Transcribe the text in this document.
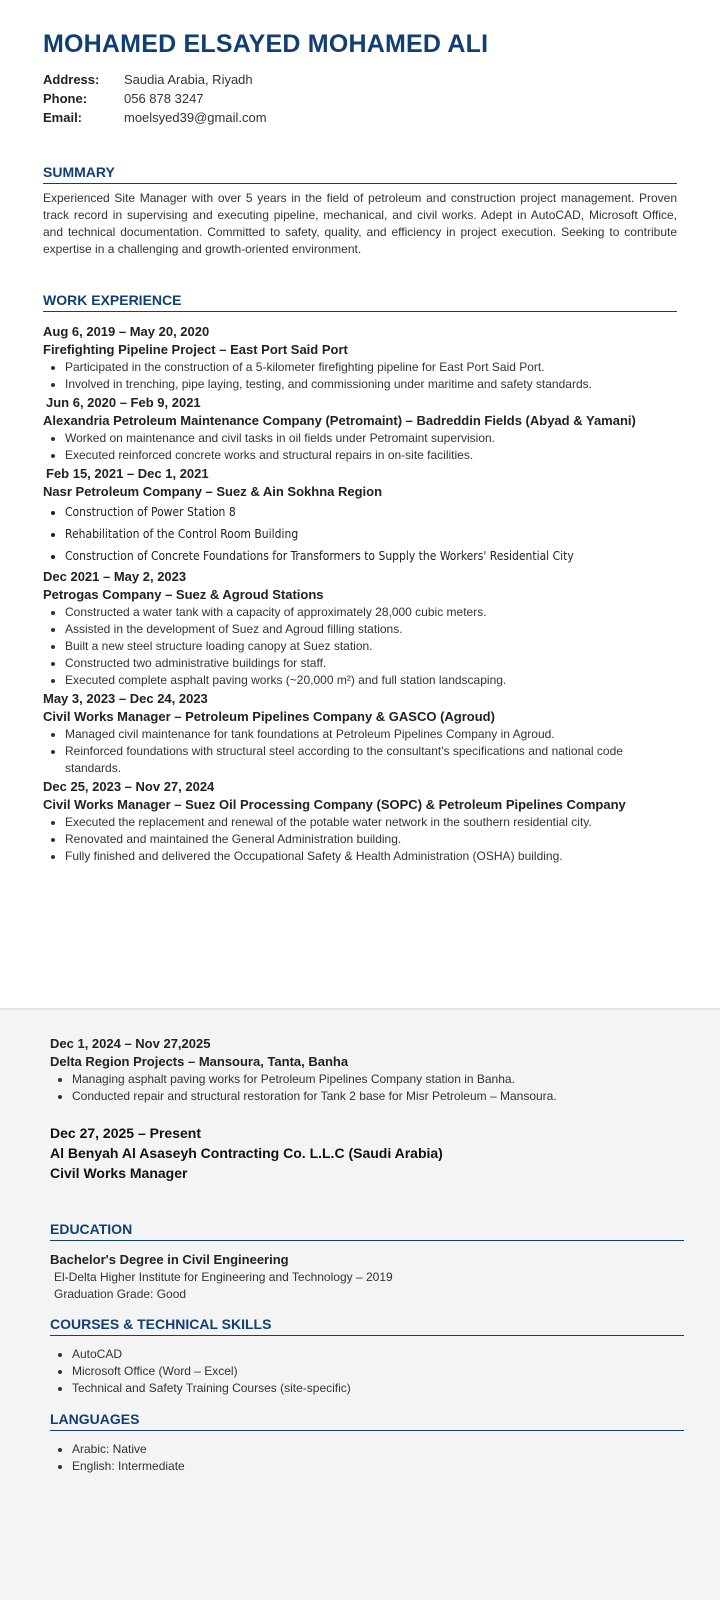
MOHAMED ELSAYED MOHAMED ALI
Address:	Saudia Arabia, Riyadh
Phone:	056 878 3247
Email:	moelsyed39@gmail.com
SUMMARY
Experienced Site Manager with over 5 years in the field of petroleum and construction project management. Proven track record in supervising and executing pipeline, mechanical, and civil works. Adept in AutoCAD, Microsoft Office, and technical documentation. Committed to safety, quality, and efficiency in project execution. Seeking to contribute expertise in a challenging and growth-oriented environment.
WORK EXPERIENCE
Aug 6, 2019 – May 20, 2020
Firefighting Pipeline Project – East Port Said Port
• Participated in the construction of a 5-kilometer firefighting pipeline for East Port Said Port.
• Involved in trenching, pipe laying, testing, and commissioning under maritime and safety standards.
Jun 6, 2020 – Feb 9, 2021
Alexandria Petroleum Maintenance Company (Petromaint) – Badreddin Fields (Abyad & Yamani)
• Worked on maintenance and civil tasks in oil fields under Petromaint supervision.
• Executed reinforced concrete works and structural repairs in on-site facilities.
Feb 15, 2021 – Dec 1, 2021
Nasr Petroleum Company – Suez & Ain Sokhna Region
• Construction of Power Station 8
• Rehabilitation of the Control Room Building
• Construction of Concrete Foundations for Transformers to Supply the Workers' Residential City
Dec 2021 – May 2, 2023
Petrogas Company – Suez & Agroud Stations
• Constructed a water tank with a capacity of approximately 28,000 cubic meters.
• Assisted in the development of Suez and Agroud filling stations.
• Built a new steel structure loading canopy at Suez station.
• Constructed two administrative buildings for staff.
• Executed complete asphalt paving works (~20,000 m²) and full station landscaping.
May 3, 2023 – Dec 24, 2023
Civil Works Manager – Petroleum Pipelines Company & GASCO (Agroud)
• Managed civil maintenance for tank foundations at Petroleum Pipelines Company in Agroud.
• Reinforced foundations with structural steel according to the consultant's specifications and national code standards.
Dec 25, 2023 – Nov 27, 2024
Civil Works Manager – Suez Oil Processing Company (SOPC) & Petroleum Pipelines Company
• Executed the replacement and renewal of the potable water network in the southern residential city.
• Renovated and maintained the General Administration building.
• Fully finished and delivered the Occupational Safety & Health Administration (OSHA) building.
Dec 1, 2024 – Nov 27,2025
Delta Region Projects – Mansoura, Tanta, Banha
• Managing asphalt paving works for Petroleum Pipelines Company station in Banha.
• Conducted repair and structural restoration for Tank 2 base for Misr Petroleum – Mansoura.
Dec 27, 2025 – Present
Al Benyah Al Asaseyh Contracting Co. L.L.C (Saudi Arabia)
Civil Works Manager
EDUCATION
Bachelor's Degree in Civil Engineering
El-Delta Higher Institute for Engineering and Technology – 2019
Graduation Grade: Good
COURSES & TECHNICAL SKILLS
• AutoCAD
• Microsoft Office (Word – Excel)
• Technical and Safety Training Courses (site-specific)
LANGUAGES
• Arabic: Native
• English: Intermediate
